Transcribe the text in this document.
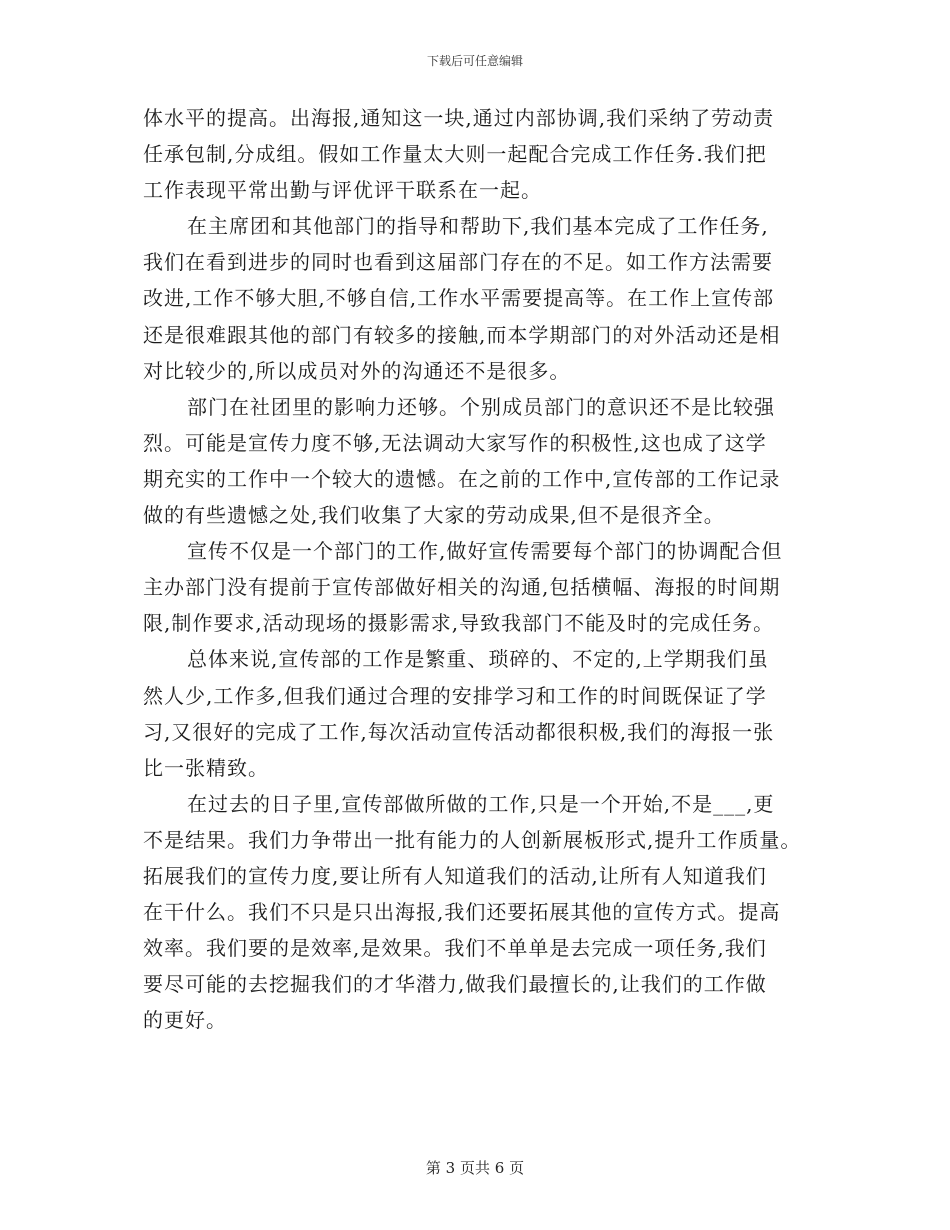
下载后可任意编辑
体水平的提高。出海报,通知这一块,通过内部协调,我们采纳了劳动责
任承包制,分成组。假如工作量太大则一起配合完成工作任务.我们把
工作表现平常出勤与评优评干联系在一起。
在主席团和其他部门的指导和帮助下,我们基本完成了工作任务,
我们在看到进步的同时也看到这届部门存在的不足。如工作方法需要
改进,工作不够大胆,不够自信,工作水平需要提高等。在工作上宣传部
还是很难跟其他的部门有较多的接触,而本学期部门的对外活动还是相
对比较少的,所以成员对外的沟通还不是很多。
部门在社团里的影响力还够。个别成员部门的意识还不是比较强
烈。可能是宣传力度不够,无法调动大家写作的积极性,这也成了这学
期充实的工作中一个较大的遗憾。在之前的工作中,宣传部的工作记录
做的有些遗憾之处,我们收集了大家的劳动成果,但不是很齐全。
宣传不仅是一个部门的工作,做好宣传需要每个部门的协调配合但
主办部门没有提前于宣传部做好相关的沟通,包括横幅、海报的时间期
限,制作要求,活动现场的摄影需求,导致我部门不能及时的完成任务。
总体来说,宣传部的工作是繁重、琐碎的、不定的,上学期我们虽
然人少,工作多,但我们通过合理的安排学习和工作的时间既保证了学
习,又很好的完成了工作,每次活动宣传活动都很积极,我们的海报一张
比一张精致。
在过去的日子里,宣传部做所做的工作,只是一个开始,不是___,更
不是结果。我们力争带出一批有能力的人创新展板形式,提升工作质量。
拓展我们的宣传力度,要让所有人知道我们的活动,让所有人知道我们
在干什么。我们不只是只出海报,我们还要拓展其他的宣传方式。提高
效率。我们要的是效率,是效果。我们不单单是去完成一项任务,我们
要尽可能的去挖掘我们的才华潜力,做我们最擅长的,让我们的工作做
的更好。
第 3 页共 6 页
